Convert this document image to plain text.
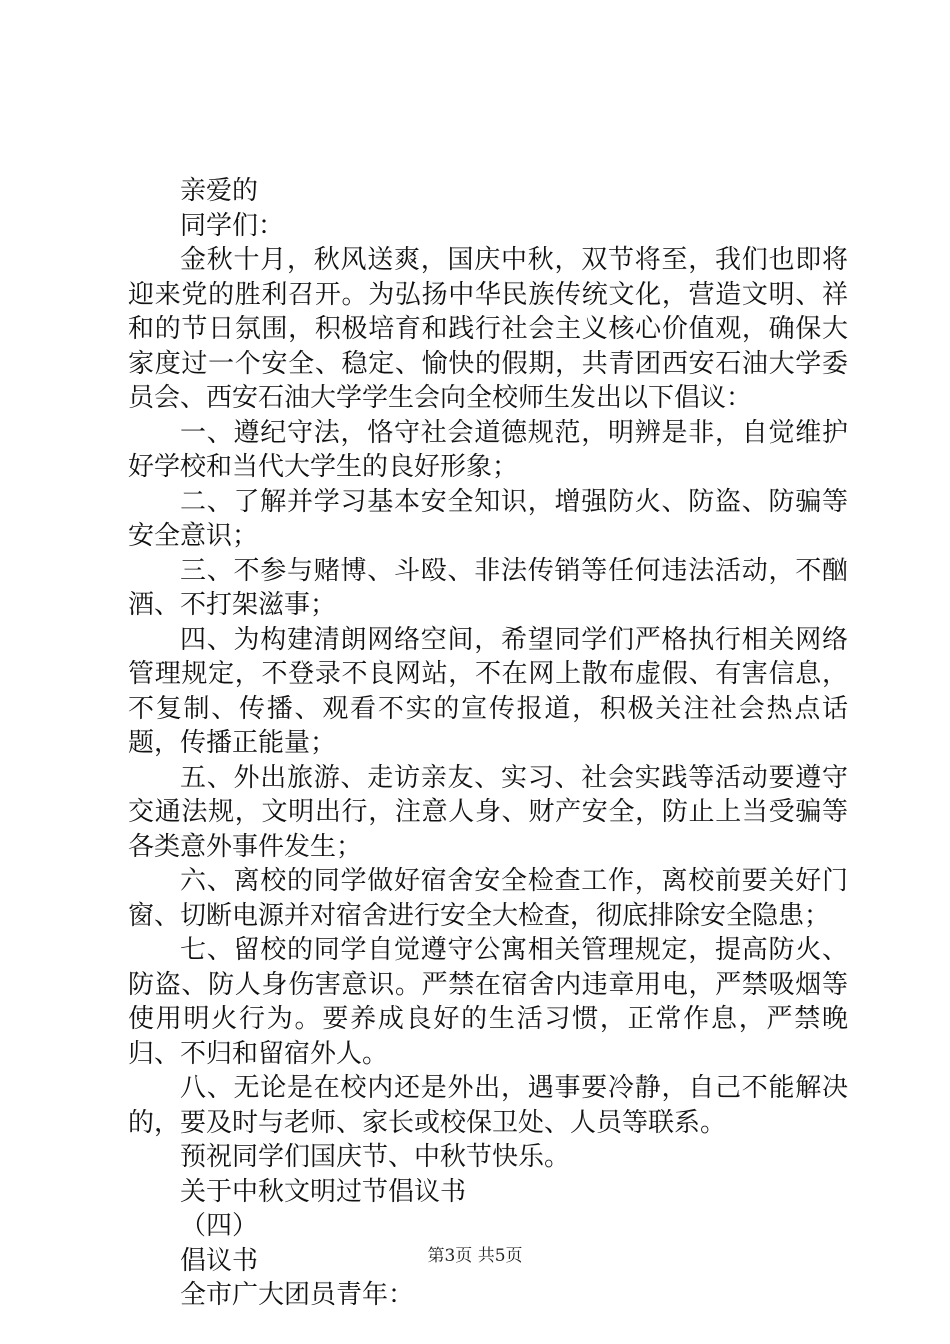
亲爱的

同学们：

金秋十月，秋风送爽，国庆中秋，双节将至，我们也即将迎来党的胜利召开。为弘扬中华民族传统文化，营造文明、祥和的节日氛围，积极培育和践行社会主义核心价值观，确保大家度过一个安全、稳定、愉快的假期，共青团西安石油大学委员会、西安石油大学学生会向全校师生发出以下倡议：

一、遵纪守法，恪守社会道德规范，明辨是非，自觉维护好学校和当代大学生的良好形象；

二、了解并学习基本安全知识，增强防火、防盗、防骗等安全意识；

三、不参与赌博、斗殴、非法传销等任何违法活动，不酗酒、不打架滋事；

四、为构建清朗网络空间，希望同学们严格执行相关网络管理规定，不登录不良网站，不在网上散布虚假、有害信息，不复制、传播、观看不实的宣传报道，积极关注社会热点话题，传播正能量；

五、外出旅游、走访亲友、实习、社会实践等活动要遵守交通法规，文明出行，注意人身、财产安全，防止上当受骗等各类意外事件发生；

六、离校的同学做好宿舍安全检查工作，离校前要关好门窗、切断电源并对宿舍进行安全大检查，彻底排除安全隐患；

七、留校的同学自觉遵守公寓相关管理规定，提高防火、防盗、防人身伤害意识。严禁在宿舍内违章用电，严禁吸烟等使用明火行为。要养成良好的生活习惯，正常作息，严禁晚归、不归和留宿外人。

八、无论是在校内还是外出，遇事要冷静，自己不能解决的，要及时与老师、家长或校保卫处、人员等联系。

预祝同学们国庆节、中秋节快乐。

关于中秋文明过节倡议书

（四）

倡议书

全市广大团员青年：

第3页 共5页
